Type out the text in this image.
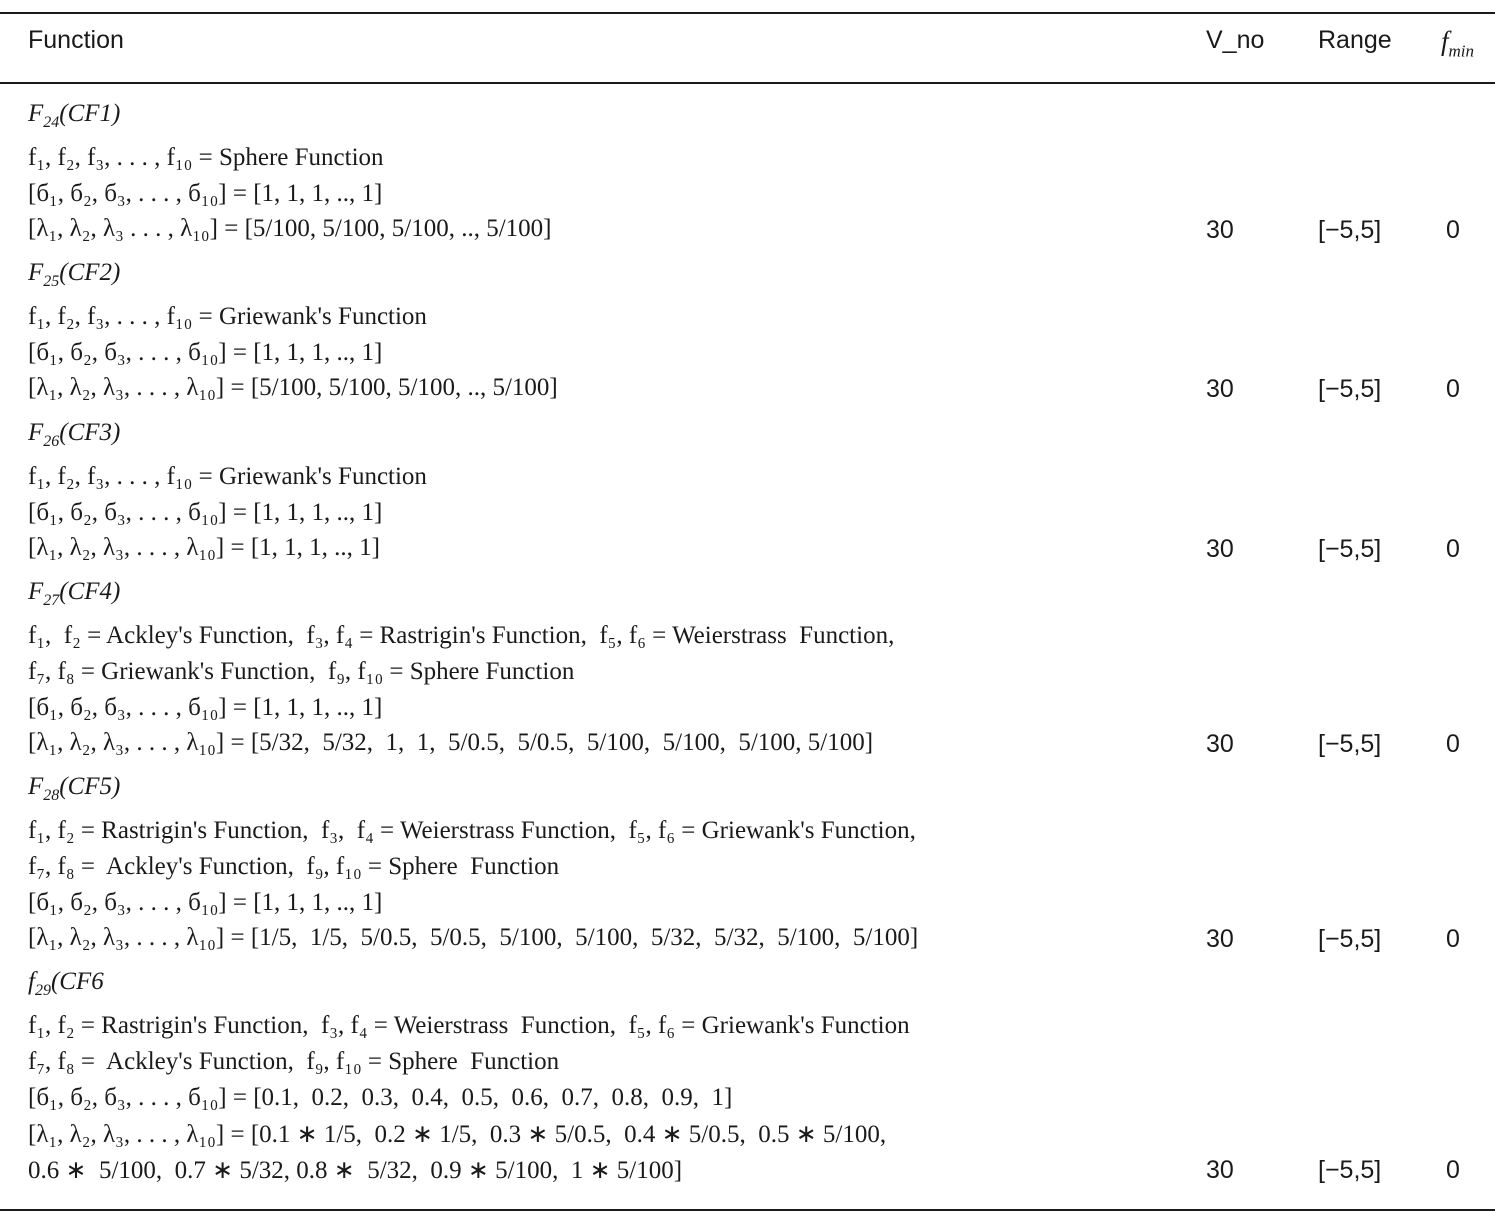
Function	V_no Range $f_{min}$
$F_{24}(CF1)$
f₁, f₂, f₃, . . . , f₁₀ = Sphere Function
[б₁, б₂, б₃, . . . , б₁₀] = [1, 1, 1, .., 1]
[λ₁, λ₂, λ₃ . . . , λ₁₀] = [5/100, 5/100, 5/100, .., 5/100]	30	[−5,5]	0
$F_{25}(CF2)$
f₁, f₂, f₃, . . . , f₁₀ = Griewank's Function
[б₁, б₂, б₃, . . . , б₁₀] = [1, 1, 1, .., 1]
[λ₁, λ₂, λ₃, . . . , λ₁₀] = [5/100, 5/100, 5/100, .., 5/100]	30	[−5,5]	0
$F_{26}(CF3)$
f₁, f₂, f₃, . . . , f₁₀ = Griewank's Function
[б₁, б₂, б₃, . . . , б₁₀] = [1, 1, 1, .., 1]
[λ₁, λ₂, λ₃, . . . , λ₁₀] = [1, 1, 1, .., 1]	30	[−5,5]	0
$F_{27}(CF4)$
f₁,  f₂ = Ackley's Function,  f₃, f₄ = Rastrigin's Function,  f₅, f₆ = Weierstrass  Function,
f₇, f₈ = Griewank's Function,  f₉, f₁₀ = Sphere Function
[б₁, б₂, б₃, . . . , б₁₀] = [1, 1, 1, .., 1]
[λ₁, λ₂, λ₃, . . . , λ₁₀] = [5/32,  5/32,  1,  1,  5/0.5,  5/0.5,  5/100,  5/100,  5/100, 5/100]	30	[−5,5]	0
$F_{28}(CF5)$
f₁, f₂ = Rastrigin's Function,  f₃,  f₄ = Weierstrass Function,  f₅, f₆ = Griewank's Function,
f₇, f₈ =  Ackley's Function,  f₉, f₁₀ = Sphere  Function
[б₁, б₂, б₃, . . . , б₁₀] = [1, 1, 1, .., 1]
[λ₁, λ₂, λ₃, . . . , λ₁₀] = [1/5,  1/5,  5/0.5,  5/0.5,  5/100,  5/100,  5/32,  5/32,  5/100,  5/100]	30	[−5,5]	0
$f_{29}(CF6$
f₁, f₂ = Rastrigin's Function,  f₃, f₄ = Weierstrass  Function,  f₅, f₆ = Griewank's Function
f₇, f₈ =  Ackley's Function,  f₉, f₁₀ = Sphere  Function
[б₁, б₂, б₃, . . . , б₁₀] = [0.1,  0.2,  0.3,  0.4,  0.5,  0.6,  0.7,  0.8,  0.9,  1]
[λ₁, λ₂, λ₃, . . . , λ₁₀] = [0.1 ∗ 1/5,  0.2 ∗ 1/5,  0.3 ∗ 5/0.5,  0.4 ∗ 5/0.5,  0.5 ∗ 5/100,
0.6 ∗  5/100,  0.7 ∗ 5/32, 0.8 ∗  5/32,  0.9 ∗ 5/100,  1 ∗ 5/100]	30	[−5,5]	0
